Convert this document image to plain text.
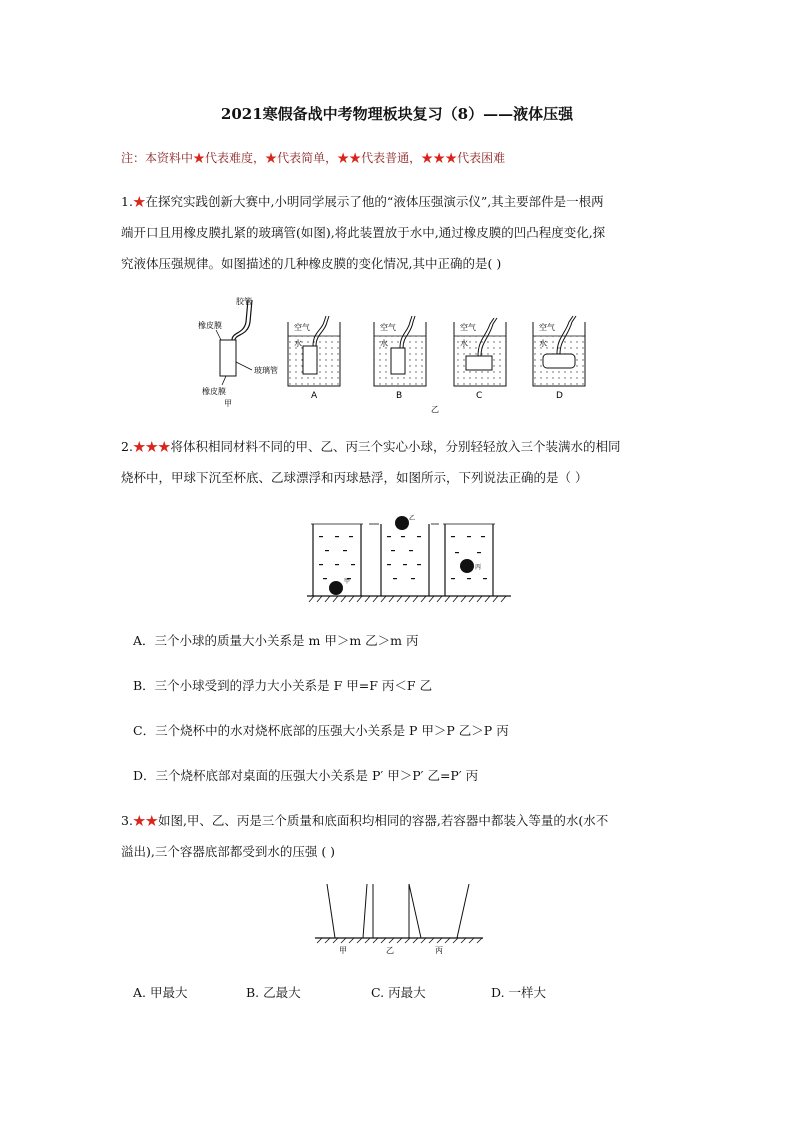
2021寒假备战中考物理板块复习（8）——液体压强
注：本资料中★代表难度，★代表简单，★★代表普通，★★★代表困难
1.★在探究实践创新大赛中,小明同学展示了他的“液体压强演示仪”,其主要部件是一根两
端开口且用橡皮膜扎紧的玻璃管(如图),将此装置放于水中,通过橡皮膜的凹凸程度变化,探
究液体压强规律。如图描述的几种橡皮膜的变化情况,其中正确的是( )
胶管
橡皮膜
玻璃管
橡皮膜
甲
空气
水
A
空气
水
B
空气
水
C
乙
空气
水
D
2.★★★将体积相同材料不同的甲、乙、丙三个实心小球，分别轻轻放入三个装满水的相同
烧杯中，甲球下沉至杯底、乙球漂浮和丙球悬浮，如图所示，下列说法正确的是（ ）
甲
乙
丙
A．三个小球的质量大小关系是 m 甲＞m 乙＞m 丙
B．三个小球受到的浮力大小关系是 F 甲=F 丙＜F 乙
C．三个烧杯中的水对烧杯底部的压强大小关系是 P 甲＞P 乙＞P 丙
D．三个烧杯底部对桌面的压强大小关系是 P′ 甲＞P′ 乙=P′ 丙
3.★★如图,甲、乙、丙是三个质量和底面积均相同的容器,若容器中都装入等量的水(水不
溢出),三个容器底部都受到水的压强 ( )
甲	乙	丙
A. 甲最大	B. 乙最大	C. 丙最大	D. 一样大
